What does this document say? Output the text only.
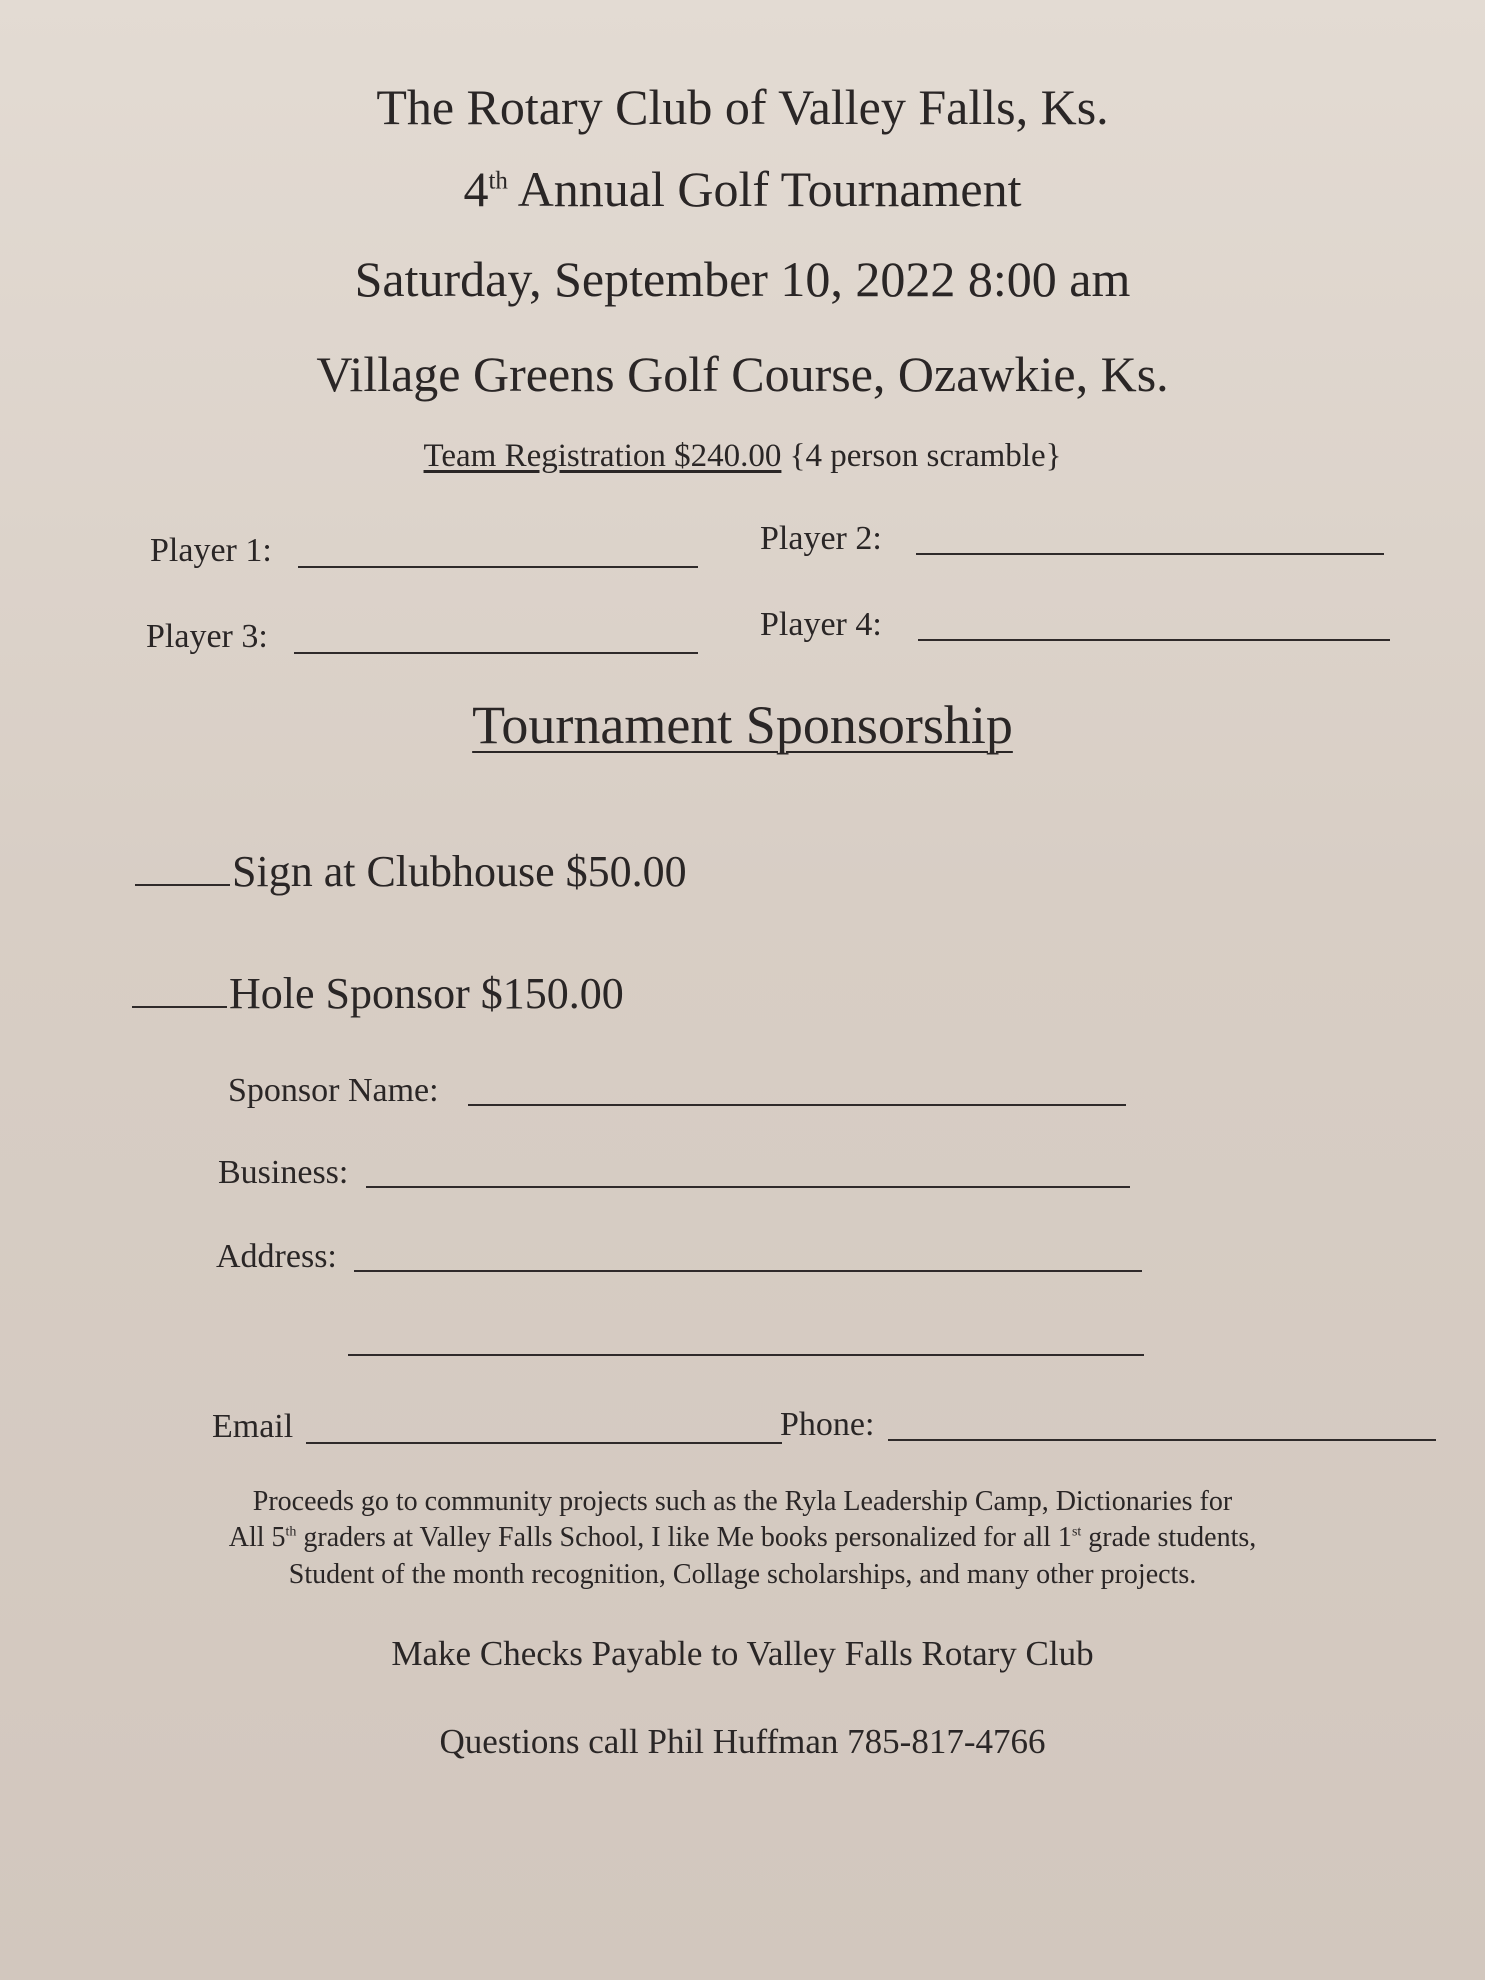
The Rotary Club of Valley Falls, Ks.
4th Annual Golf Tournament
Saturday, September 10, 2022 8:00 am
Village Greens Golf Course, Ozawkie, Ks.
Team Registration $240.00 {4 person scramble}
Player 1:	Player 2:
Player 3:	Player 4:
Tournament Sponsorship
Sign at Clubhouse $50.00
Hole Sponsor $150.00
Sponsor Name:
Business:
Address:
Email	Phone:
Proceeds go to community projects such as the Ryla Leadership Camp, Dictionaries for
All 5th graders at Valley Falls School, I like Me books personalized for all 1st grade students,
Student of the month recognition, Collage scholarships, and many other projects.
Make Checks Payable to Valley Falls Rotary Club
Questions call Phil Huffman 785-817-4766
